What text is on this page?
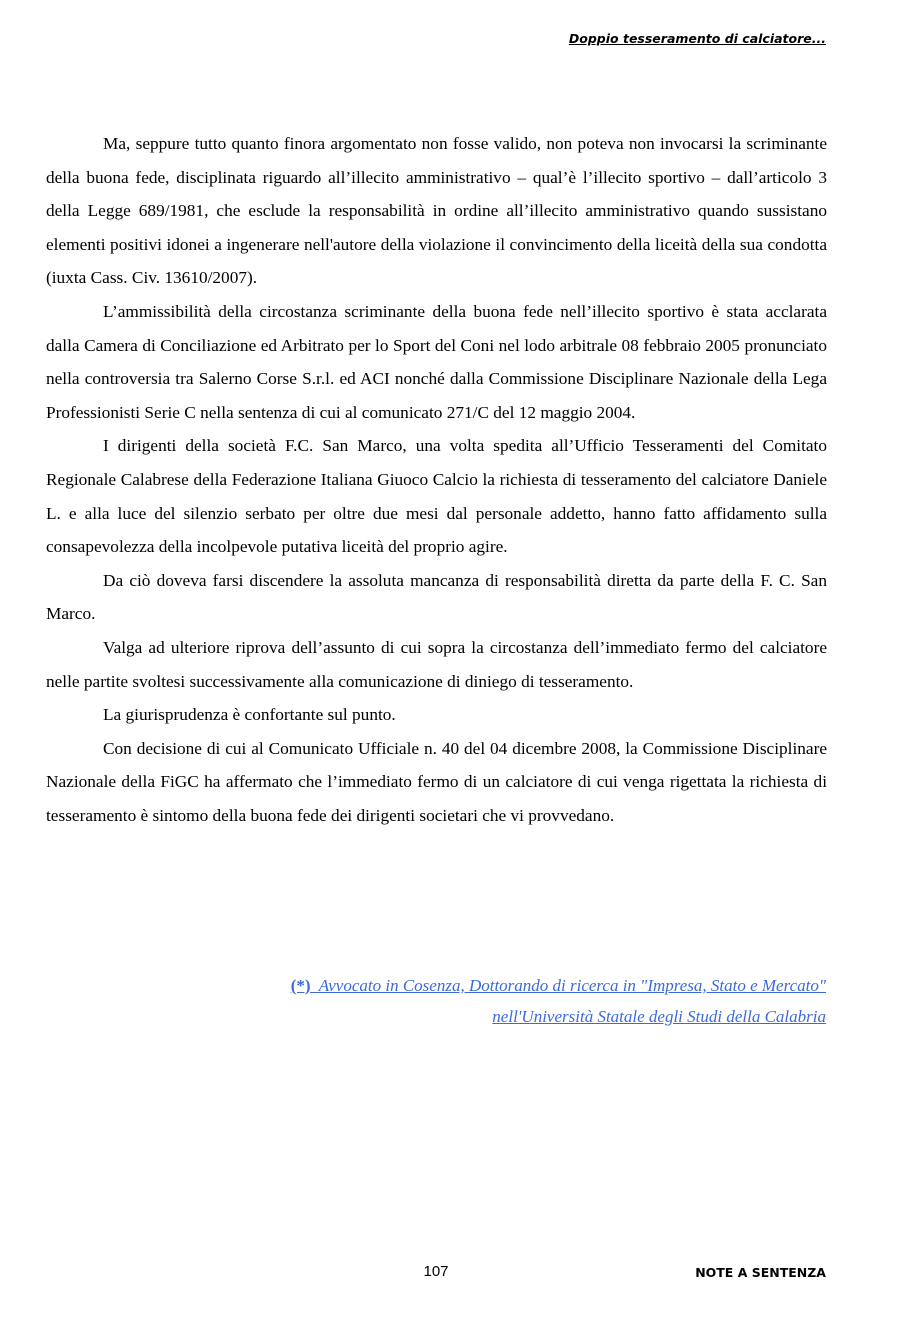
Doppio tesseramento di calciatore...

Ma, seppure tutto quanto finora argomentato non fosse valido, non poteva non invocarsi la scriminante della buona fede, disciplinata riguardo all’illecito amministrativo – qual’è l’illecito sportivo – dall’articolo 3 della Legge 689/1981, che esclude la responsabilità in ordine all’illecito amministrativo quando sussistano elementi positivi idonei a ingenerare nell'autore della violazione il convincimento della liceità della sua condotta (iuxta Cass. Civ. 13610/2007).

L’ammissibilità della circostanza scriminante della buona fede nell’illecito sportivo è stata acclarata dalla Camera di Conciliazione ed Arbitrato per lo Sport del Coni nel lodo arbitrale 08 febbraio 2005 pronunciato nella controversia tra Salerno Corse S.r.l. ed ACI nonché dalla Commissione Disciplinare Nazionale della Lega Professionisti Serie C nella sentenza di cui al comunicato 271/C del 12 maggio 2004.

I dirigenti della società F.C. San Marco, una volta spedita all’Ufficio Tesseramenti del Comitato Regionale Calabrese della Federazione Italiana Giuoco Calcio la richiesta di tesseramento del calciatore Daniele L. e alla luce del silenzio serbato per oltre due mesi dal personale addetto, hanno fatto affidamento sulla consapevolezza della incolpevole putativa liceità del proprio agire.

Da ciò doveva farsi discendere la assoluta mancanza di responsabilità diretta da parte della F. C. San Marco.

Valga ad ulteriore riprova dell’assunto di cui sopra la circostanza dell’immediato fermo del calciatore nelle partite svoltesi successivamente alla comunicazione di diniego di tesseramento.

La giurisprudenza è confortante sul punto.

Con decisione di cui al Comunicato Ufficiale n. 40 del 04 dicembre 2008, la Commissione Disciplinare Nazionale della FiGC ha affermato che l’immediato fermo di un calciatore di cui venga rigettata la richiesta di tesseramento è sintomo della buona fede dei dirigenti societari che vi provvedano.

(*) Avvocato in Cosenza, Dottorando di ricerca in "Impresa, Stato e Mercato"
nell'Università Statale degli Studi della Calabria
107	NOTE A SENTENZA
